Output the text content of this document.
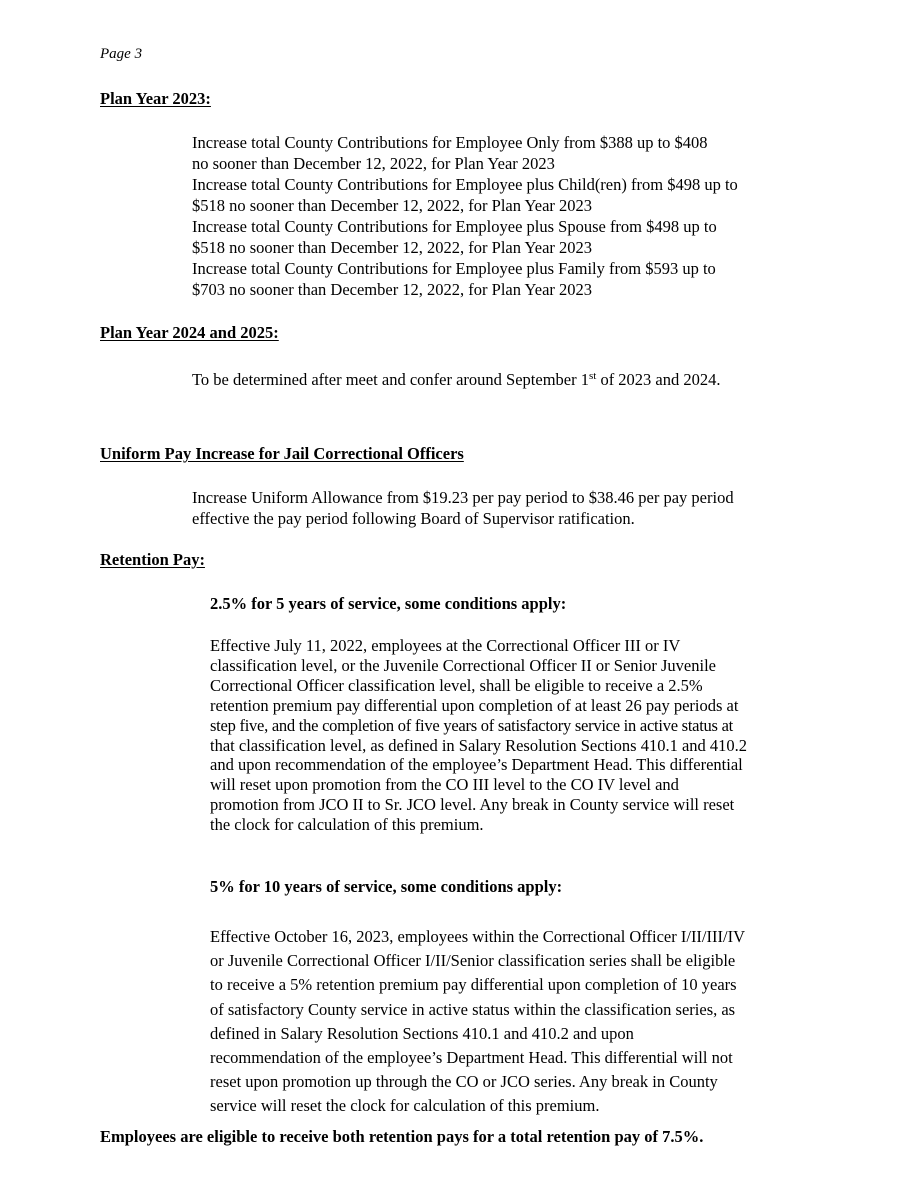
Page 3
Plan Year 2023:
Increase total County Contributions for Employee Only from $388 up to $408
no sooner than December 12, 2022, for Plan Year 2023
Increase total County Contributions for Employee plus Child(ren) from $498 up to
$518 no sooner than December 12, 2022, for Plan Year 2023
Increase total County Contributions for Employee plus Spouse from $498 up to
$518 no sooner than December 12, 2022, for Plan Year 2023
Increase total County Contributions for Employee plus Family from $593 up to
$703 no sooner than December 12, 2022, for Plan Year 2023
Plan Year 2024 and 2025:
To be determined after meet and confer around September 1st of 2023 and 2024.
Uniform Pay Increase for Jail Correctional Officers
Increase Uniform Allowance from $19.23 per pay period to $38.46 per pay period
effective the pay period following Board of Supervisor ratification.
Retention Pay:
2.5% for 5 years of service, some conditions apply:
Effective July 11, 2022, employees at the Correctional Officer III or IV
classification level, or the Juvenile Correctional Officer II or Senior Juvenile
Correctional Officer classification level, shall be eligible to receive a 2.5%
retention premium pay differential upon completion of at least 26 pay periods at
step five, and the completion of five years of satisfactory service in active status at
that classification level, as defined in Salary Resolution Sections 410.1 and 410.2
and upon recommendation of the employee’s Department Head. This differential
will reset upon promotion from the CO III level to the CO IV level and
promotion from JCO II to Sr. JCO level. Any break in County service will reset
the clock for calculation of this premium.
5% for 10 years of service, some conditions apply:
Effective October 16, 2023, employees within the Correctional Officer I/II/III/IV
or Juvenile Correctional Officer I/II/Senior classification series shall be eligible
to receive a 5% retention premium pay differential upon completion of 10 years
of satisfactory County service in active status within the classification series, as
defined in Salary Resolution Sections 410.1 and 410.2 and upon
recommendation of the employee’s Department Head. This differential will not
reset upon promotion up through the CO or JCO series. Any break in County
service will reset the clock for calculation of this premium.
Employees are eligible to receive both retention pays for a total retention pay of 7.5%.
